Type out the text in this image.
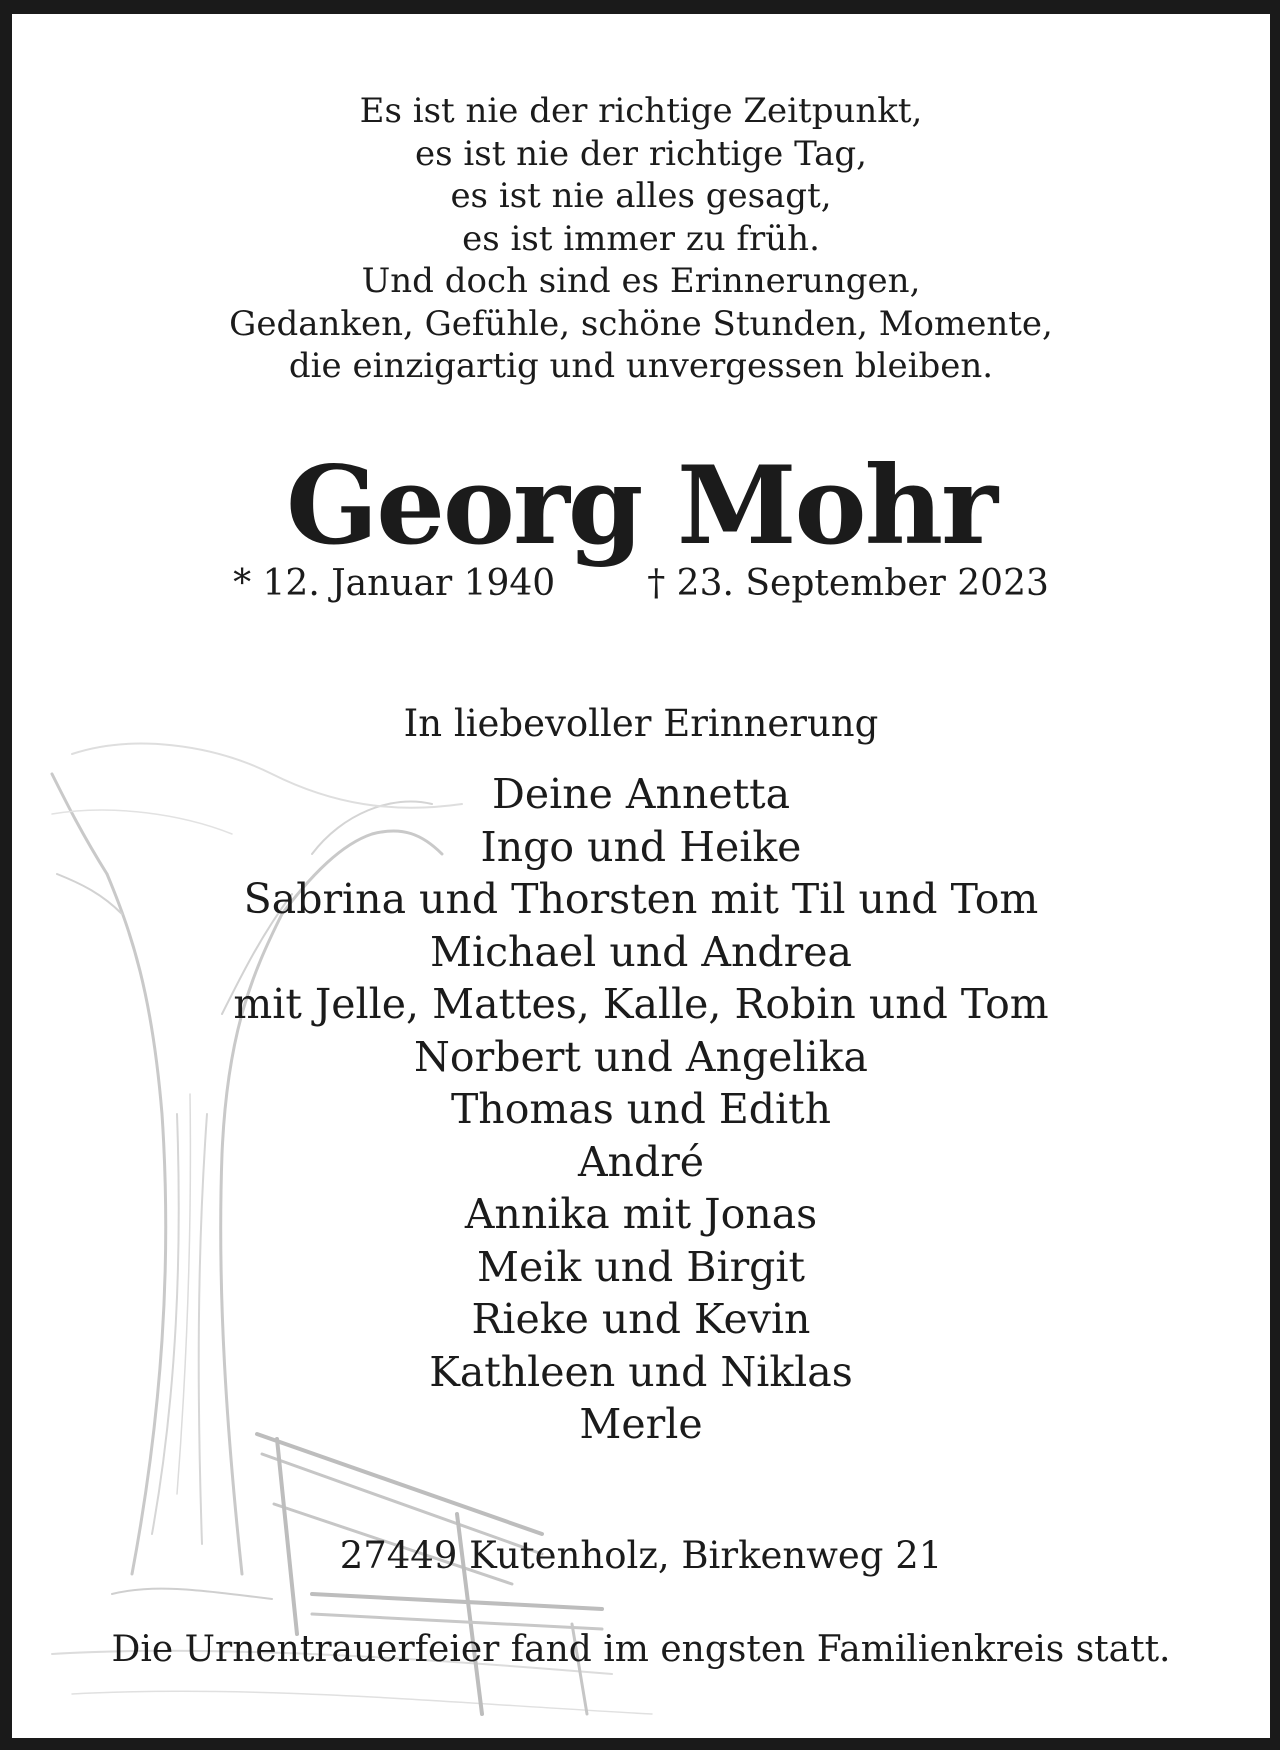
Es ist nie der richtige Zeitpunkt,
es ist nie der richtige Tag,
es ist nie alles gesagt,
es ist immer zu früh.
Und doch sind es Erinnerungen,
Gedanken, Gefühle, schöne Stunden, Momente,
die einzigartig und unvergessen bleiben.
Georg Mohr
* 12. Januar 1940	† 23. September 2023
In liebevoller Erinnerung
Deine Annetta
Ingo und Heike
Sabrina und Thorsten mit Til und Tom
Michael und Andrea
mit Jelle, Mattes, Kalle, Robin und Tom
Norbert und Angelika
Thomas und Edith
André
Annika mit Jonas
Meik und Birgit
Rieke und Kevin
Kathleen und Niklas
Merle
27449 Kutenholz, Birkenweg 21
Die Urnentrauerfeier fand im engsten Familienkreis statt.
